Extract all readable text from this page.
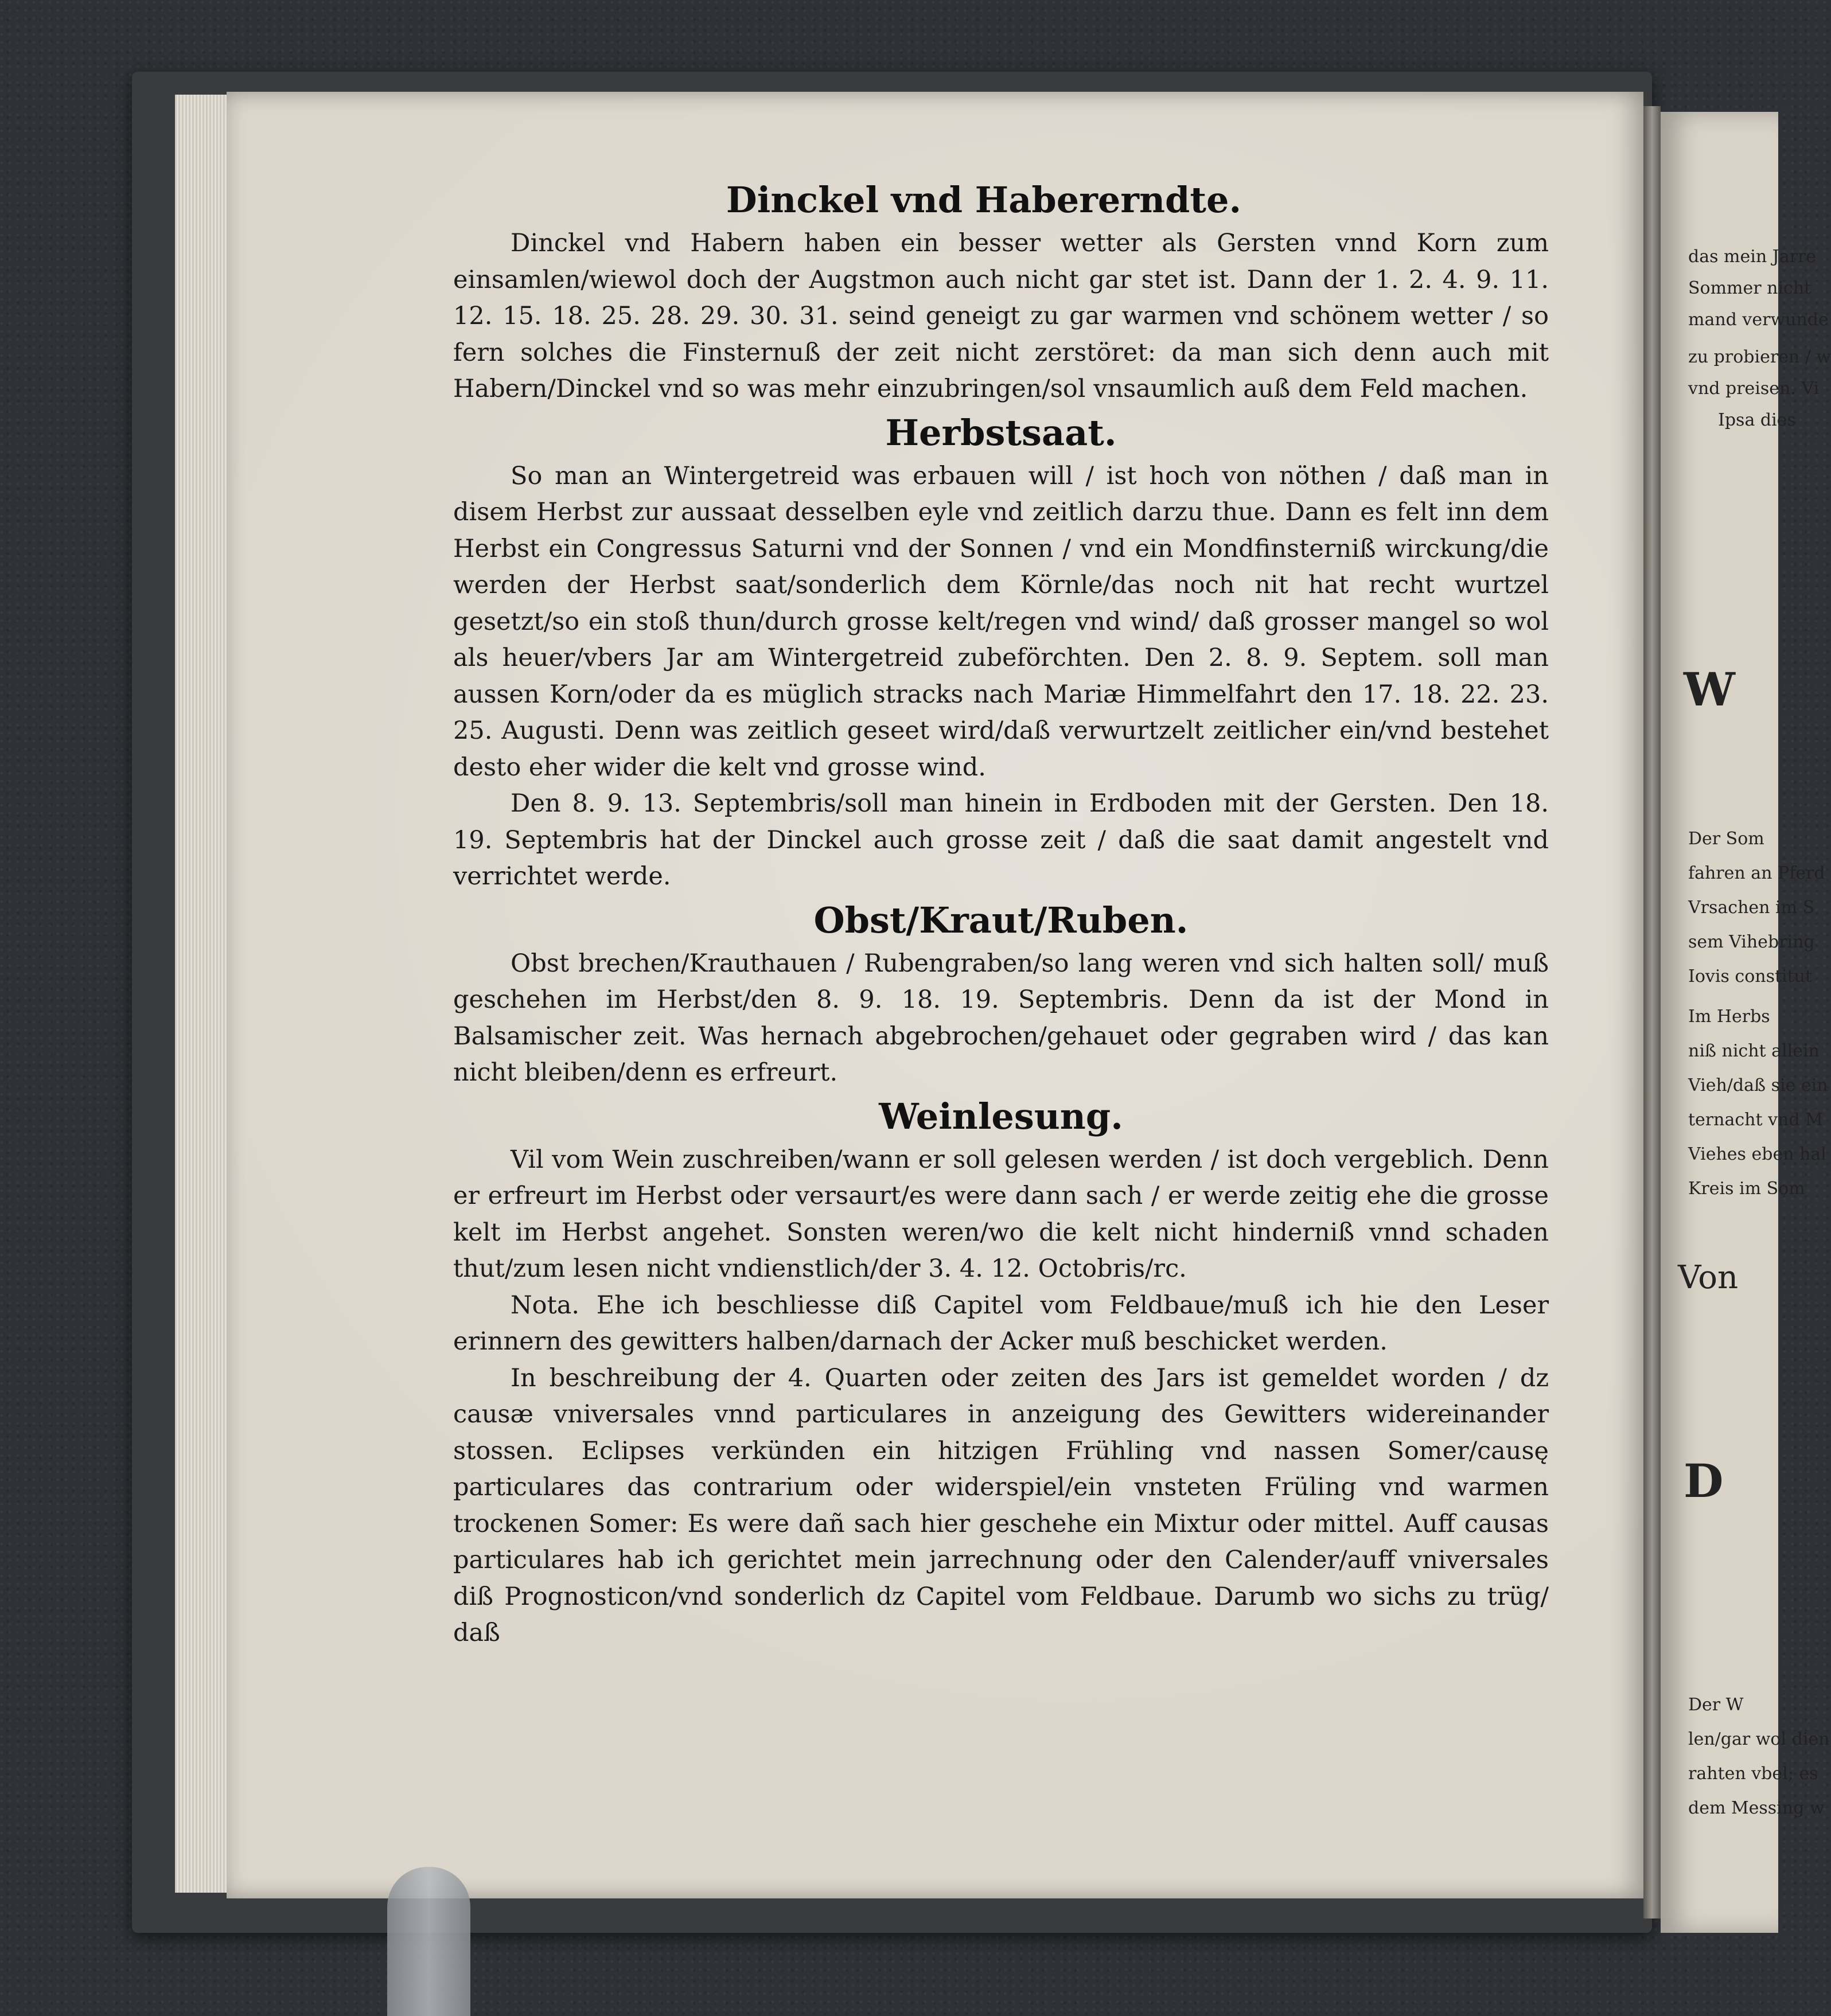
das mein Jarre
Sommer nicht
mand verwunde
zu probieren / w
vnd preisen. Vi
Ipsa dies
W
Der Som
fahren an Pferd
Vrsachen im S
sem Vihebring
Iovis constitut
Im Herbs
niß nicht allein
Vieh/daß sie ein
ternacht vnd M
Viehes eben hal
Kreis im Som
Von
D
Der W
len/gar wol dien
rahten vbel; es
dem Messing w
Dinckel vnd Habererndte.

Dinckel vnd Habern haben ein besser wetter als Gersten vnnd Korn zum einsamlen/wiewol doch der Augstmon auch nicht gar stet ist. Dann der 1. 2. 4. 9. 11. 12. 15. 18. 25. 28. 29. 30. 31. seind geneigt zu gar warmen vnd schönem wetter / so fern solches die Finsternuß der zeit nicht zerstöret: da man sich denn auch mit Habern/Dinckel vnd so was mehr einzubringen/sol vnsaumlich auß dem Feld machen.

Herbstsaat.

So man an Wintergetreid was erbauen will / ist hoch von nöthen / daß man in disem Herbst zur aussaat desselben eyle vnd zeitlich darzu thue. Dann es felt inn dem Herbst ein Congressus Saturni vnd der Sonnen / vnd ein Mondfinsterniß wirckung/die werden der Herbst saat/sonderlich dem Körnle/das noch nit hat recht wurtzel gesetzt/so ein stoß thun/durch grosse kelt/regen vnd wind/ daß grosser mangel so wol als heuer/vbers Jar am Wintergetreid zubeförchten. Den 2. 8. 9. Septem. soll man aussen Korn/oder da es müglich stracks nach Mariæ Himmelfahrt den 17. 18. 22. 23. 25. Augusti. Denn was zeitlich geseet wird/daß verwurtzelt zeitlicher ein/vnd bestehet desto eher wider die kelt vnd grosse wind.

Den 8. 9. 13. Septembris/soll man hinein in Erdboden mit der Gersten. Den 18. 19. Septembris hat der Dinckel auch grosse zeit / daß die saat damit angestelt vnd verrichtet werde.

Obst/Kraut/Ruben.

Obst brechen/Krauthauen / Rubengraben/so lang weren vnd sich halten soll/ muß geschehen im Herbst/den 8. 9. 18. 19. Septembris. Denn da ist der Mond in Balsamischer zeit. Was hernach abgebrochen/gehauet oder gegraben wird / das kan nicht bleiben/denn es erfreurt.

Weinlesung.

Vil vom Wein zuschreiben/wann er soll gelesen werden / ist doch vergeblich. Denn er erfreurt im Herbst oder versaurt/es were dann sach / er werde zeitig ehe die grosse kelt im Herbst angehet. Sonsten weren/wo die kelt nicht hinderniß vnnd schaden thut/zum lesen nicht vndienstlich/der 3. 4. 12. Octobris/rc.

Nota. Ehe ich beschliesse diß Capitel vom Feldbaue/muß ich hie den Leser erinnern des gewitters halben/darnach der Acker muß beschicket werden.

In beschreibung der 4. Quarten oder zeiten des Jars ist gemeldet worden / dz causæ vniversales vnnd particulares in anzeigung des Gewitters widereinander stossen. Eclipses verkünden ein hitzigen Frühling vnd nassen Somer/causę particulares das contrarium oder widerspiel/ein vnsteten Früling vnd warmen trockenen Somer: Es were dañ sach hier geschehe ein Mixtur oder mittel. Auff causas particulares hab ich gerichtet mein jarrechnung oder den Calender/auff vniversales diß Prognosticon/vnd sonderlich dz Capitel vom Feldbaue. Darumb wo sichs zu trüg/ daß
